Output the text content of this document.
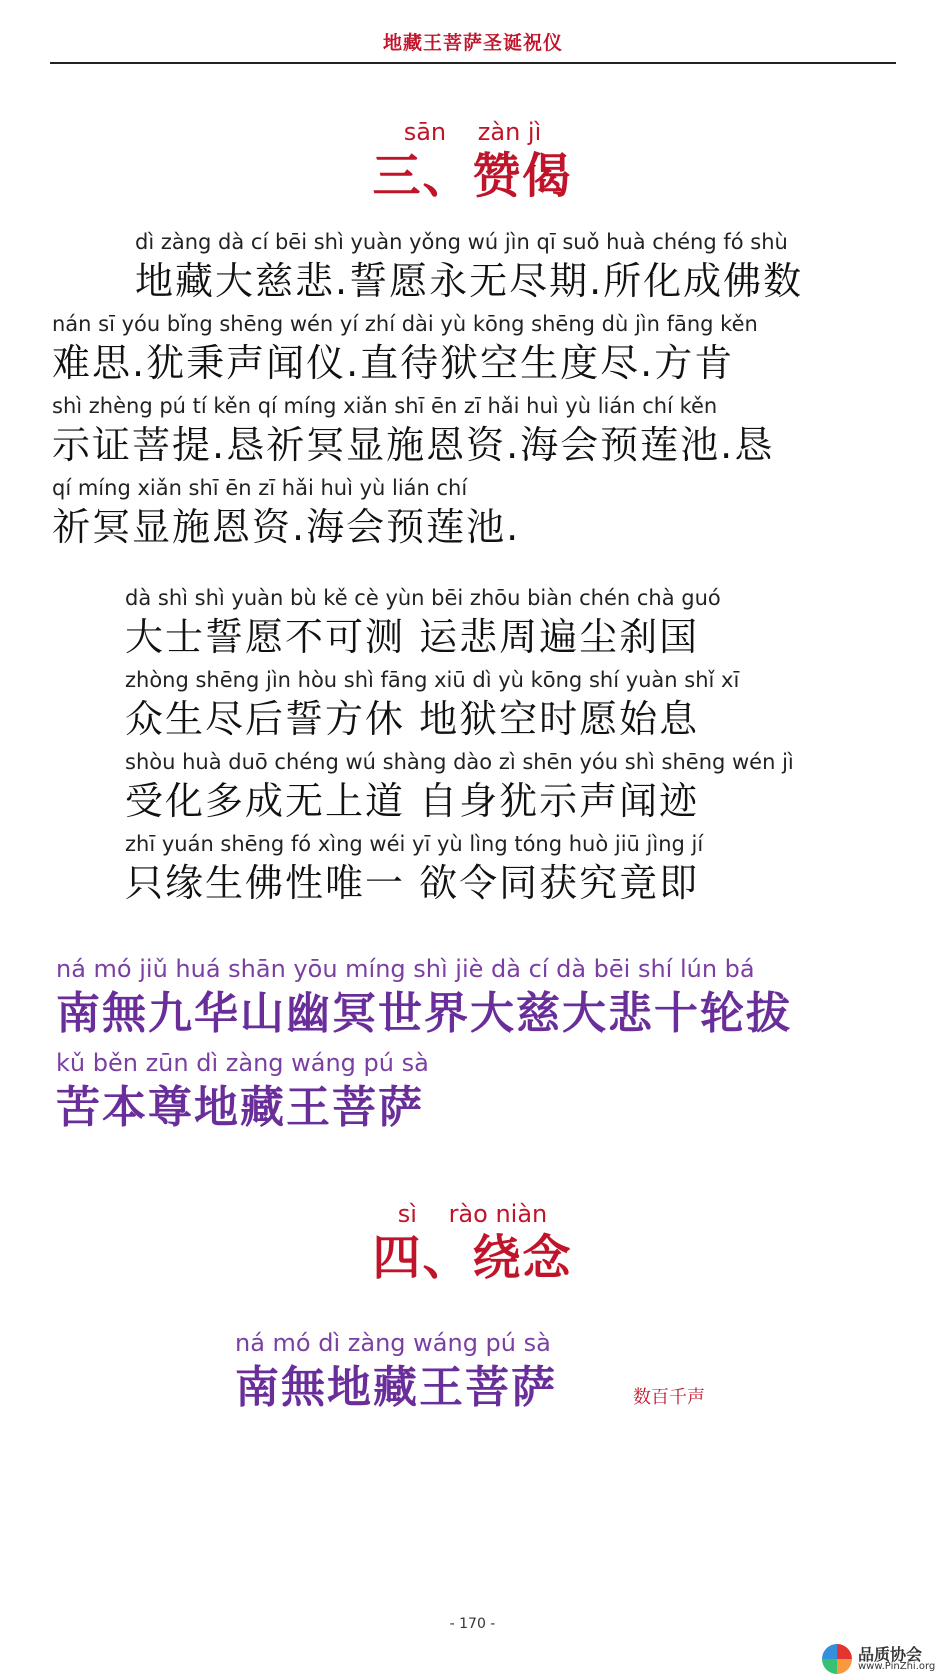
地藏王菩萨圣诞祝仪
sān zàn jì
三、赞偈
dì zàng dà cí bēi shì yuàn yǒng wú jìn qī suǒ huà chéng fó shù
地藏大慈悲.誓愿永无尽期.所化成佛数
nán sī yóu bǐng shēng wén yí zhí dài yù kōng shēng dù jìn fāng kěn
难思.犹秉声闻仪.直待狱空生度尽.方肯
shì zhèng pú tí kěn qí míng xiǎn shī ēn zī hǎi huì yù lián chí kěn
示证菩提.恳祈冥显施恩资.海会预莲池.恳
qí míng xiǎn shī ēn zī hǎi huì yù lián chí
祈冥显施恩资.海会预莲池.
dà shì shì yuàn bù kě cè yùn bēi zhōu biàn chén chà guó
大士誓愿不可测 运悲周遍尘刹国
zhòng shēng jìn hòu shì fāng xiū dì yù kōng shí yuàn shǐ xī
众生尽后誓方休 地狱空时愿始息
shòu huà duō chéng wú shàng dào zì shēn yóu shì shēng wén jì
受化多成无上道 自身犹示声闻迹
zhī yuán shēng fó xìng wéi yī yù lìng tóng huò jiū jìng jí
只缘生佛性唯一 欲令同获究竟即
ná mó jiǔ huá shān yōu míng shì jiè dà cí dà bēi shí lún bá
南無九华山幽冥世界大慈大悲十轮拔
kǔ běn zūn dì zàng wáng pú sà
苦本尊地藏王菩萨
sì rào niàn
四、绕念
ná mó dì zàng wáng pú sà
南無地藏王菩萨	数百千声
- 170 -
品质协会
www.PinZhi.org
